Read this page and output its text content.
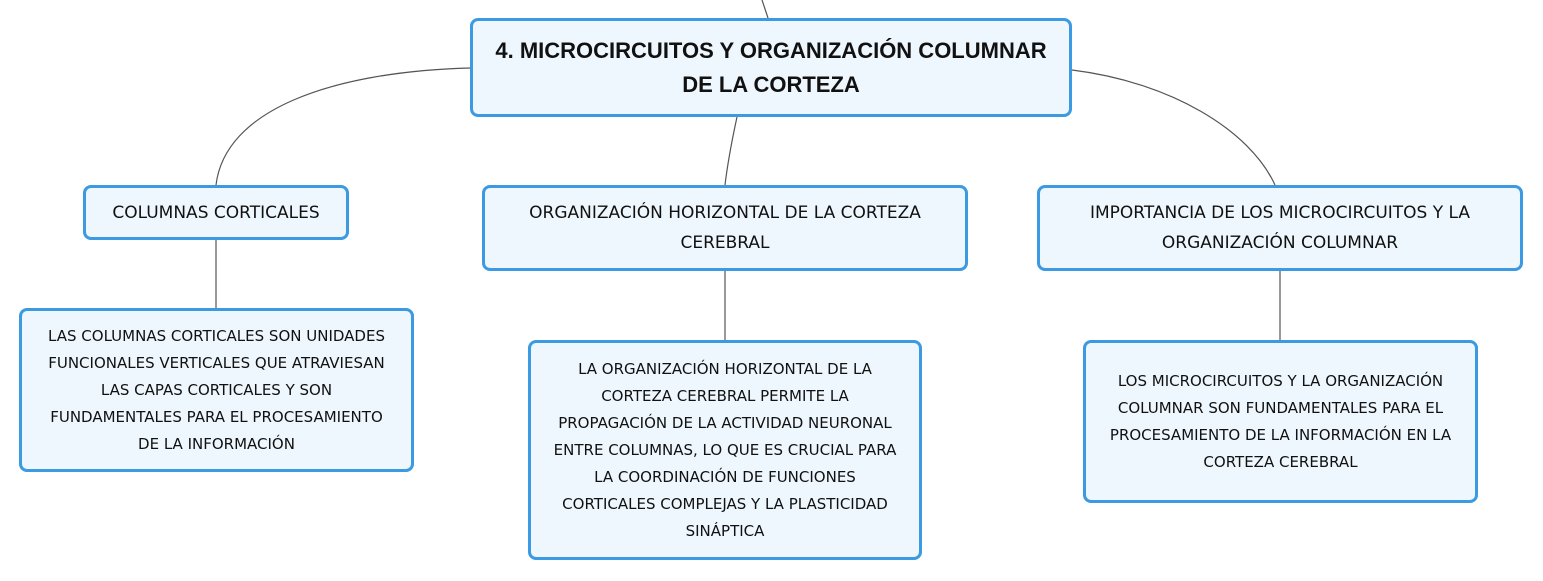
4. MICROCIRCUITOS Y ORGANIZACIÓN COLUMNAR
DE LA CORTEZA
COLUMNAS CORTICALES	ORGANIZACIÓN HORIZONTAL DE LA CORTEZA
CEREBRAL
IMPORTANCIA DE LOS MICROCIRCUITOS Y LA
ORGANIZACIÓN COLUMNAR
LAS COLUMNAS CORTICALES SON UNIDADES
FUNCIONALES VERTICALES QUE ATRAVIESAN
LAS CAPAS CORTICALES Y SON
FUNDAMENTALES PARA EL PROCESAMIENTO
DE LA INFORMACIÓN
LA ORGANIZACIÓN HORIZONTAL DE LA
CORTEZA CEREBRAL PERMITE LA
PROPAGACIÓN DE LA ACTIVIDAD NEURONAL
ENTRE COLUMNAS, LO QUE ES CRUCIAL PARA
LA COORDINACIÓN DE FUNCIONES
CORTICALES COMPLEJAS Y LA PLASTICIDAD
SINÁPTICA
LOS MICROCIRCUITOS Y LA ORGANIZACIÓN
COLUMNAR SON FUNDAMENTALES PARA EL
PROCESAMIENTO DE LA INFORMACIÓN EN LA
CORTEZA CEREBRAL
